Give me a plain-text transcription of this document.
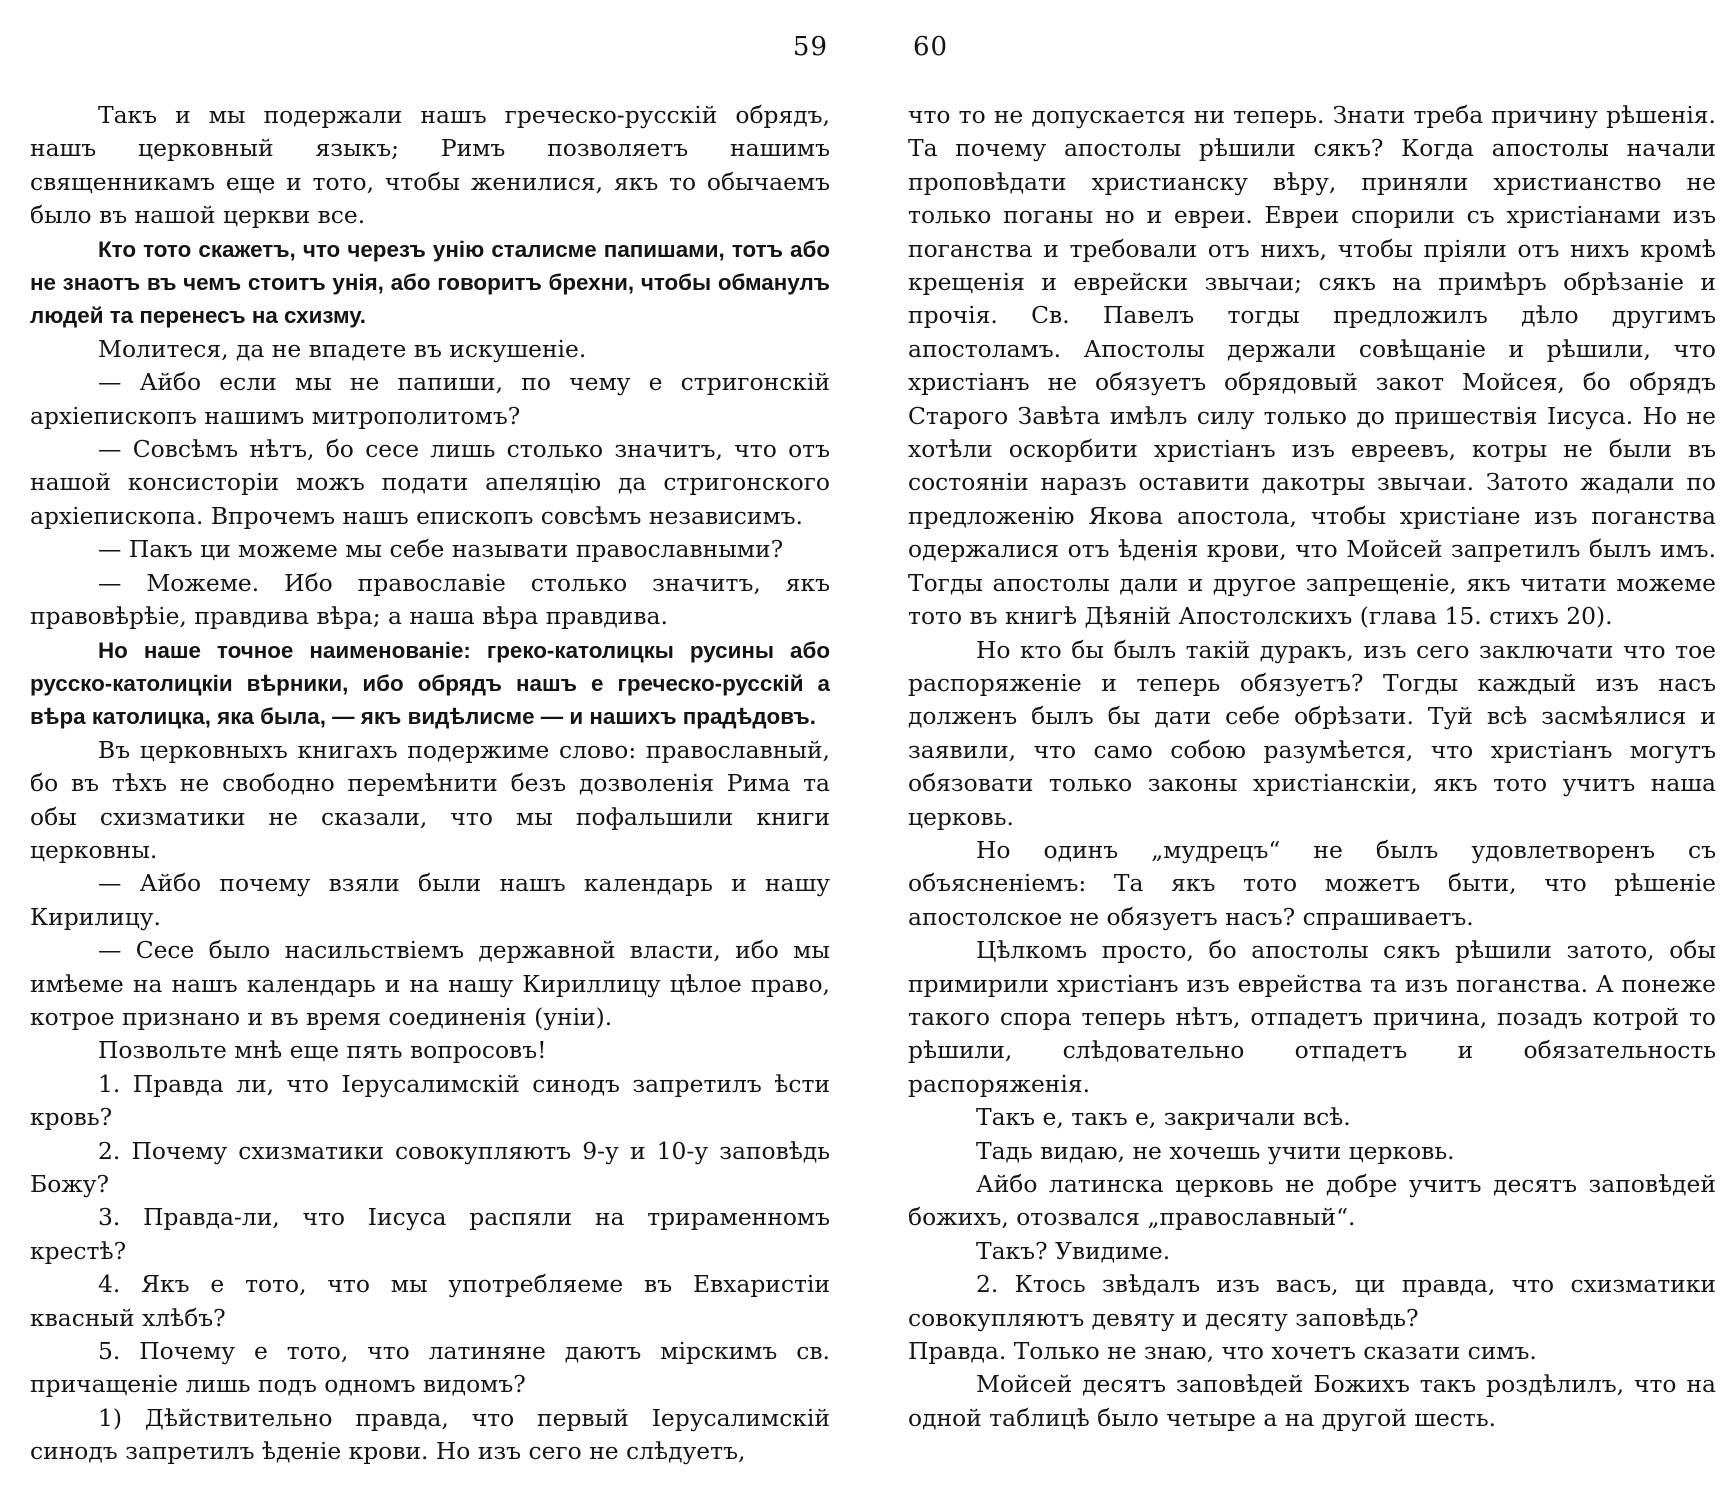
59

Такъ и мы подержали нашъ греческо-русскій обрядъ, нашъ церковный языкъ; Римъ позволяетъ нашимъ священникамъ еще и тото, чтобы женилися, якъ то обычаемъ было въ нашой церкви все.

Кто тото скажетъ, что черезъ унію сталисме папишами, тотъ або не знаотъ въ чемъ стоитъ унія, або говоритъ брехни, чтобы обманулъ людей та перенесъ на схизму.

Молитеся, да не впадете въ искушеніе.

— Айбо если мы не папиши, по чему е стригонскій архіепископъ нашимъ митрополитомъ?

— Совсѣмъ нѣтъ, бо сесе лишь столько значитъ, что отъ нашой консисторіи можъ подати апеляцію да стригонского архіепископа. Впрочемъ нашъ епископъ совсѣмъ независимъ.

— Пакъ ци можеме мы себе называти православными?

— Можеме. Ибо православіе столько значитъ, якъ правовѣрѣіе, правдива вѣра; а наша вѣра правдива.

Но наше точное наименованіе: греко-католицкы русины або русско-католицкіи вѣрники, ибо обрядъ нашъ е греческо-русскій а вѣра католицка, яка была, — якъ видѣлисме — и нашихъ прадѣдовъ.

Въ церковныхъ книгахъ подержиме слово: православный, бо въ тѣхъ не свободно перемѣнити безъ дозволенія Рима та обы схизматики не сказали, что мы пофальшили книги церковны.

— Айбо почему взяли были нашъ календарь и нашу Кирилицу.

— Сесе было насильствіемъ державной власти, ибо мы имѣеме на нашъ календарь и на нашу Кириллицу цѣлое право, котрое признано и въ время соединенія (уніи).

Позвольте мнѣ еще пять вопросовъ!

1. Правда ли, что Іерусалимскій синодъ запретилъ ѣсти кровь?

2. Почему схизматики совокупляютъ 9-у и 10-у заповѣдь Божу?

3. Правда-ли, что Іисуса распяли на трираменномъ крестѣ?

4. Якъ е тото, что мы употребляеме въ Евхаристіи квасный хлѣбъ?

5. Почему е тото, что латиняне даютъ мірскимъ св. причащеніе лишь подъ одномъ видомъ?

1) Дѣйствительно правда, что первый Іерусалимскій синодъ запретилъ ѣденіе крови. Но изъ сего не слѣдуетъ,

60

что то не допускается ни теперь. Знати треба причину рѣшенія. Та почему апостолы рѣшили сякъ? Когда апостолы начали проповѣдати христианску вѣру, приняли христианство не только поганы но и евреи. Евреи спорили съ христіанами изъ поганства и требовали отъ нихъ, чтобы пріяли отъ нихъ кромѣ крещенія и еврейски звычаи; сякъ на примѣръ обрѣзаніе и прочія. Св. Павелъ тогды предложилъ дѣло другимъ апостоламъ. Апостолы держали совѣщаніе и рѣшили, что христіанъ не обязуетъ обрядовый закот Мойсея, бо обрядъ Старого Завѣта имѣлъ силу только до пришествія Іисуса. Но не хотѣли оскорбити христіанъ изъ евреевъ, котры не были въ состояніи наразъ оставити дакотры звычаи. Затото жадали по предложенію Якова апостола, чтобы христіане изъ поганства одержалися отъ ѣденія крови, что Мойсей запретилъ былъ имъ. Тогды апостолы дали и другое запрещеніе, якъ читати можеме тото въ книгѣ Дѣяній Апостолскихъ (глава 15. стихъ 20).

Но кто бы былъ такій дуракъ, изъ сего заключати что тое распоряженіе и теперь обязуетъ? Тогды каждый изъ насъ долженъ былъ бы дати себе обрѣзати. Туй всѣ засмѣялися и заявили, что само собою разумѣется, что христіанъ могутъ обязовати только законы христіанскіи, якъ тото учитъ наша церковь.

Но одинъ „мудрецъ“ не былъ удовлетворенъ съ объясненіемъ: Та якъ тото можетъ быти, что рѣшеніе апостолское не обязуетъ насъ? спрашиваетъ.

Цѣлкомъ просто, бо апостолы сякъ рѣшили затото, обы примирили христіанъ изъ еврейства та изъ поганства. А понеже такого спора теперь нѣтъ, отпадетъ причина, позадъ котрой то рѣшили, слѣдовательно отпадетъ и обязательность распоряженія.

Такъ е, такъ е, закричали всѣ.

Тадь видаю, не хочешь учити церковь.

Айбо латинска церковь не добре учитъ десятъ заповѣдей божихъ, отозвался „православный“.

Такъ? Увидиме.

2. Ктось звѣдалъ изъ васъ, ци правда, что схизматики совокупляютъ девяту и десяту заповѣдь?

Правда. Только не знаю, что хочетъ сказати симъ.

Мойсей десятъ заповѣдей Божихъ такъ роздѣлилъ, что на одной таблицѣ было четыре а на другой шесть.
